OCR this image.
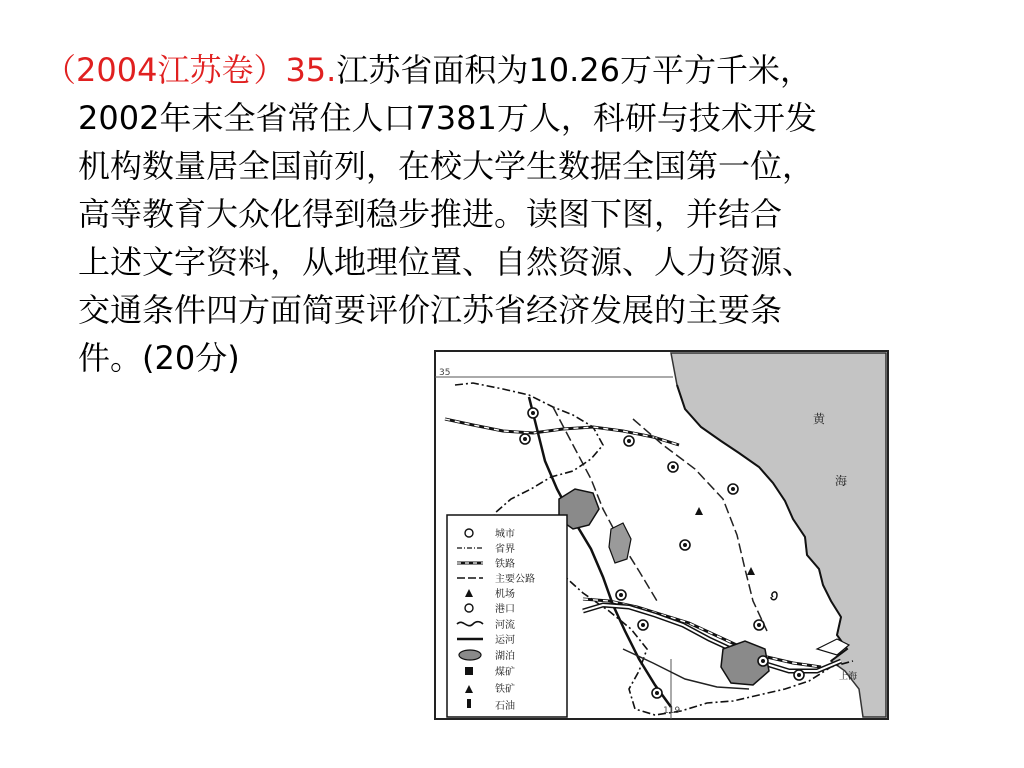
（2004江苏卷）35.江苏省面积为10.26万平方千米，
2002年末全省常住人口7381万人，科研与技术开发
机构数量居全国前列，在校大学生数据全国第一位，
高等教育大众化得到稳步推进。读图下图，并结合
上述文字资料，从地理位置、自然资源、人力资源、
交通条件四方面简要评价江苏省经济发展的主要条
件。(20分)
黄
海
35
119
上海
城市
省界
铁路
主要公路
机场
港口
河流
运河
湖泊
煤矿
铁矿
石油
